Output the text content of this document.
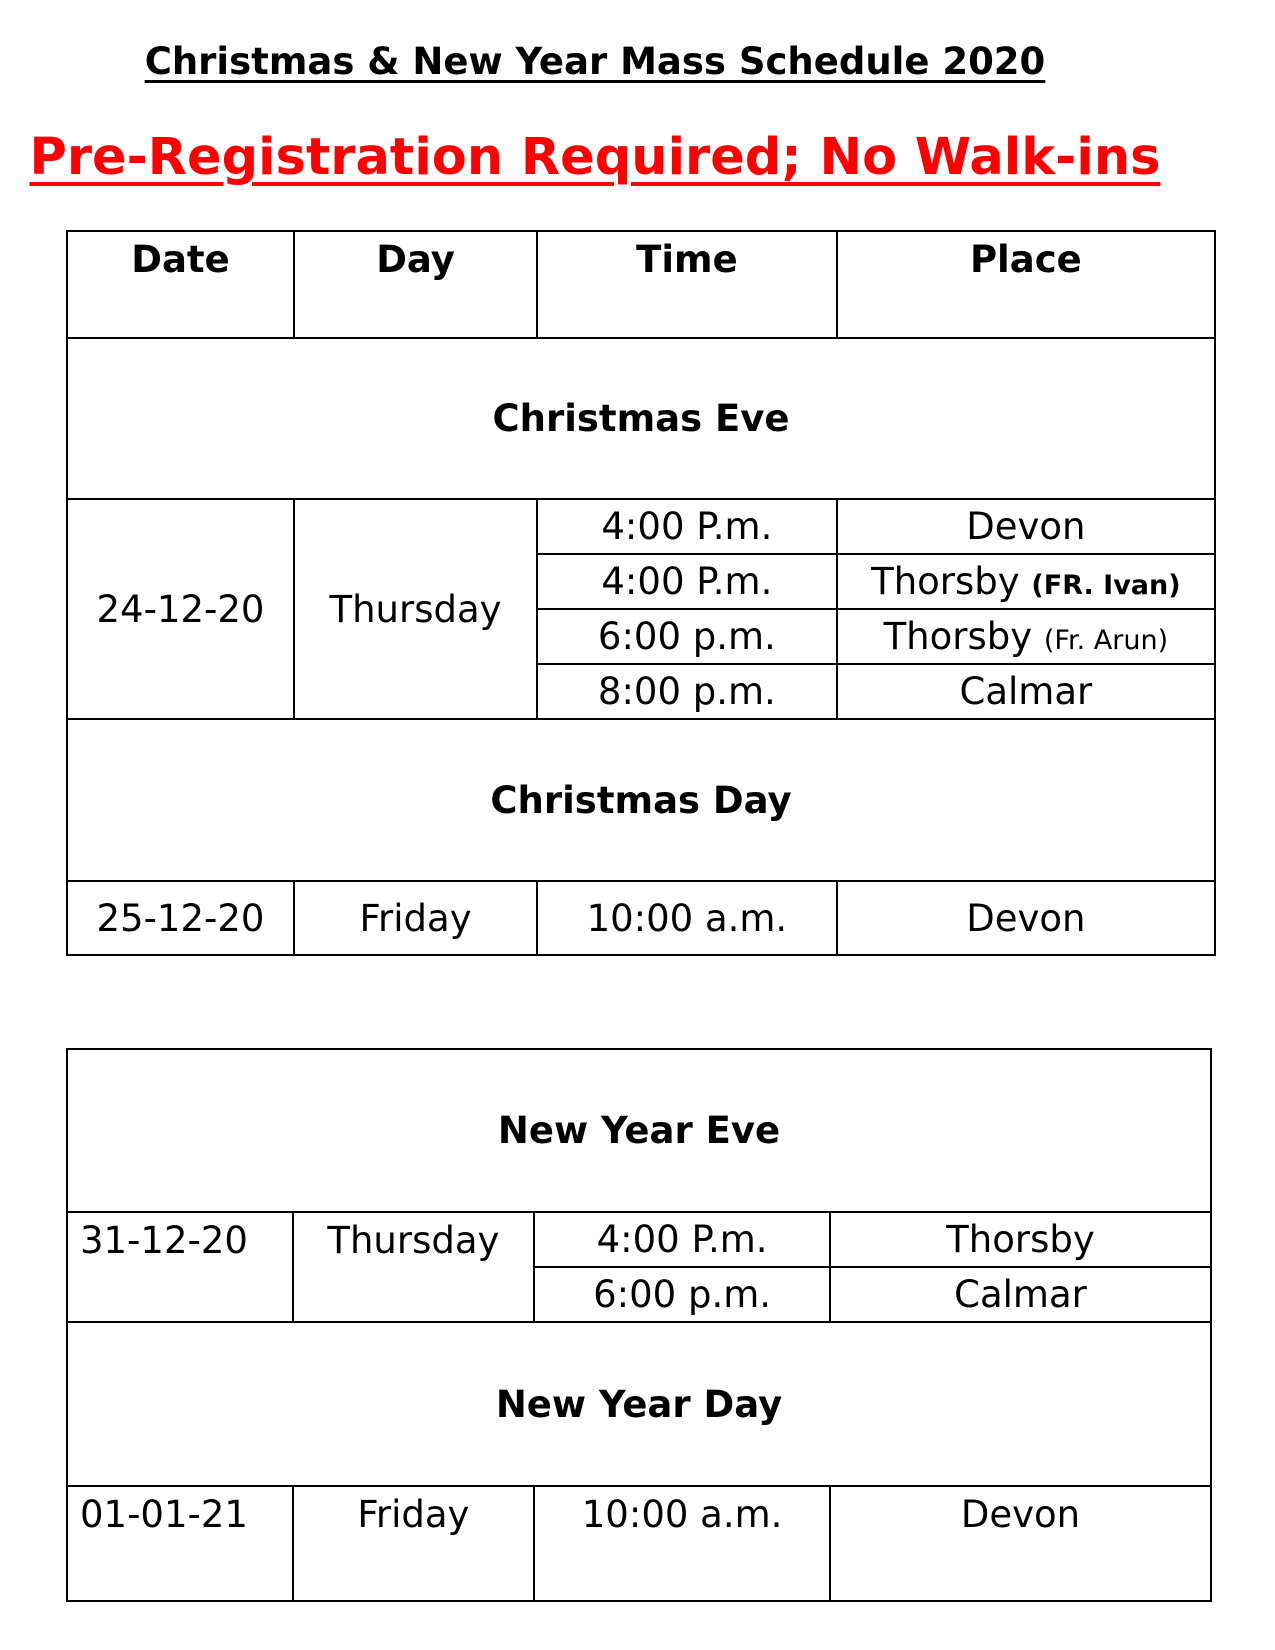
Christmas & New Year Mass Schedule 2020
Pre-Registration Required; No Walk-ins
Date	Day	Time	Place
Christmas Eve			
24-12-20	Thursday	4:00 P.m.	Devon
		4:00 P.m.	Thorsby (FR. Ivan)
		6:00 p.m.	Thorsby (Fr. Arun)
		8:00 p.m.	Calmar
Christmas Day			
25-12-20	Friday	10:00 a.m.	Devon
New Year Eve			
31-12-20	Thursday	4:00 P.m.	Thorsby
		6:00 p.m.	Calmar
New Year Day			
01-01-21	Friday	10:00 a.m.	Devon
